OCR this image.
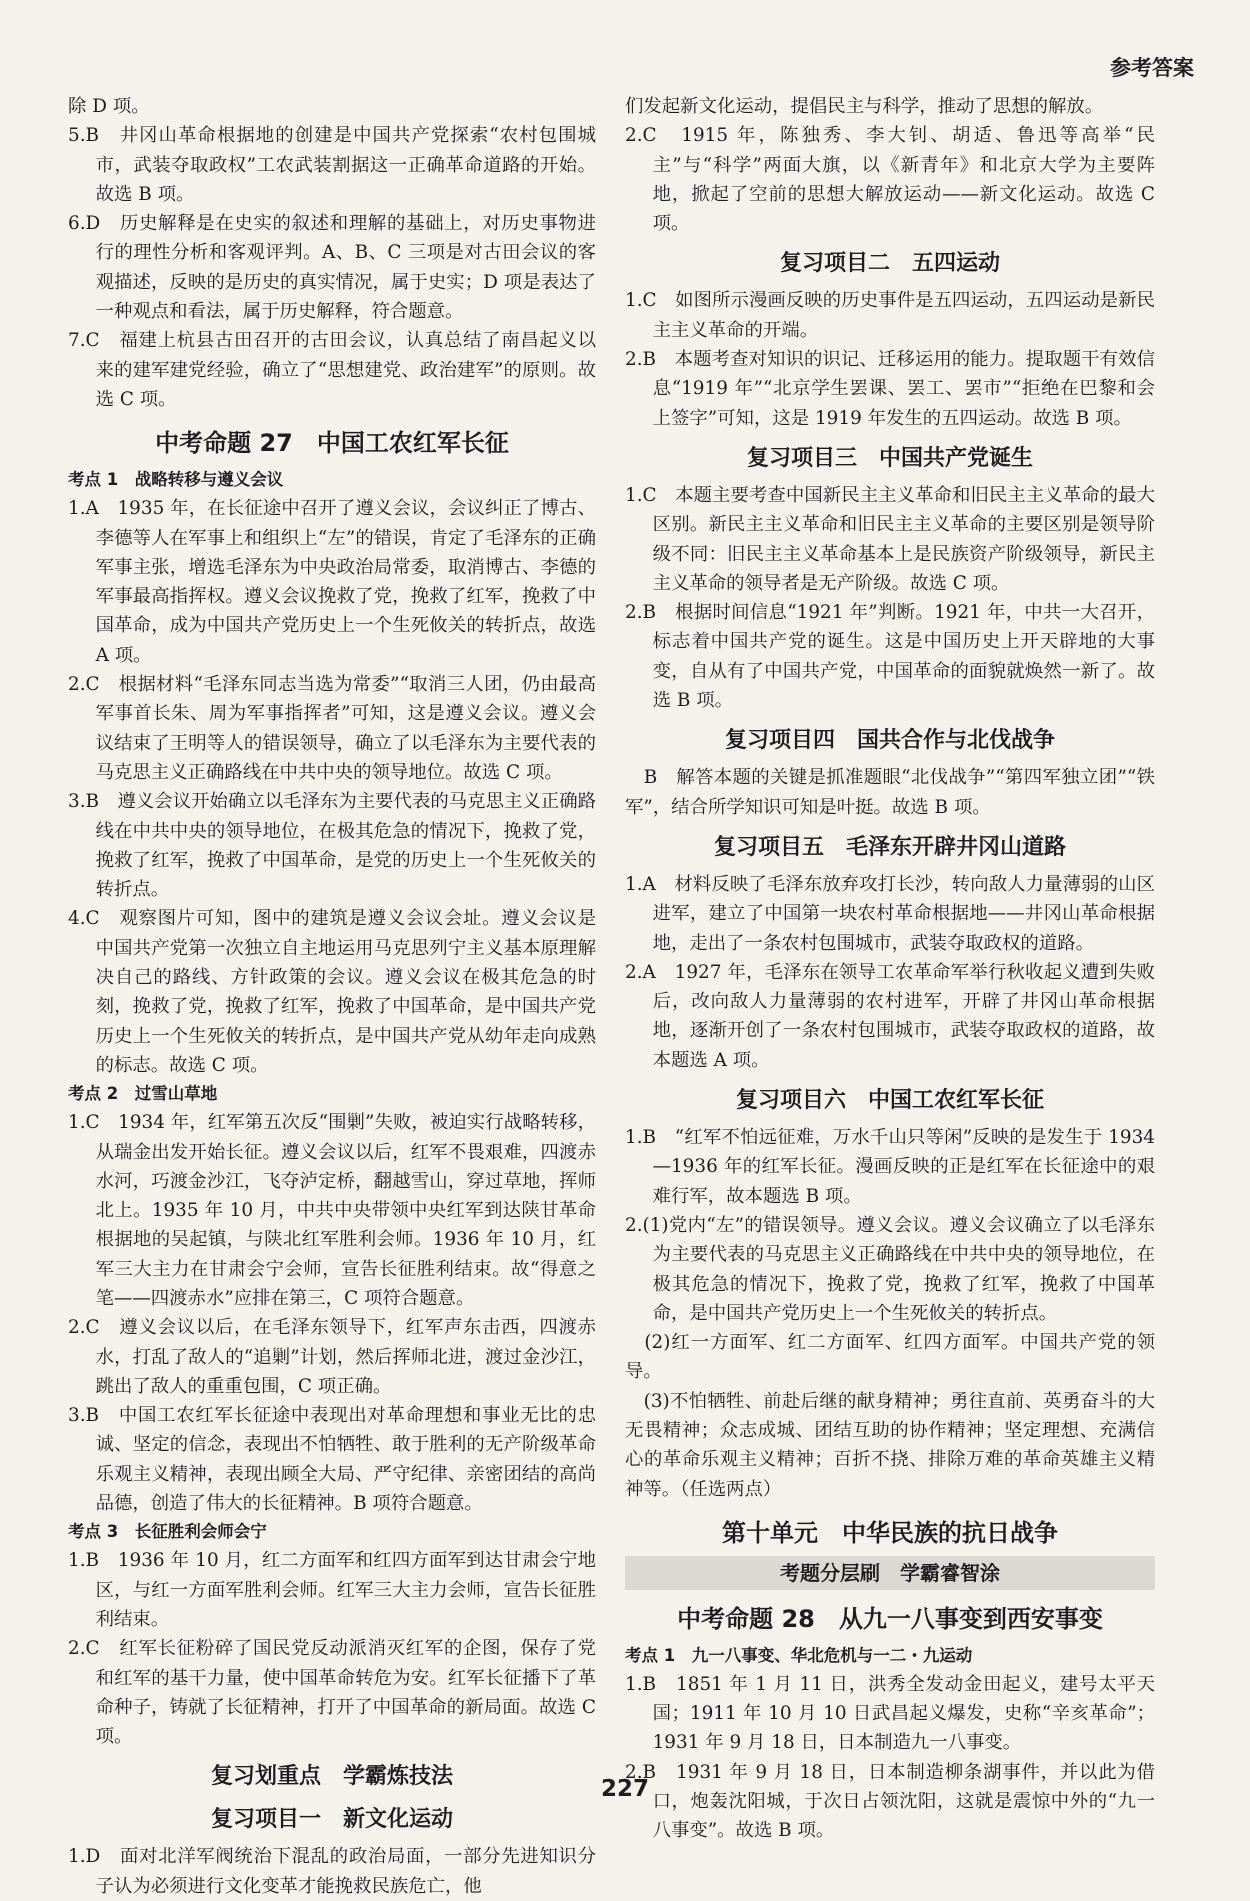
参考答案
除 D 项。
5.B　井冈山革命根据地的创建是中国共产党探索“农村包围城市，武装夺取政权”工农武装割据这一正确革命道路的开始。故选 B 项。
6.D　历史解释是在史实的叙述和理解的基础上，对历史事物进行的理性分析和客观评判。A、B、C 三项是对古田会议的客观描述，反映的是历史的真实情况，属于史实；D 项是表达了一种观点和看法，属于历史解释，符合题意。
7.C　福建上杭县古田召开的古田会议，认真总结了南昌起义以来的建军建党经验，确立了“思想建党、政治建军”的原则。故选 C 项。
中考命题 27　中国工农红军长征
考点 1　战略转移与遵义会议
1.A　1935 年，在长征途中召开了遵义会议，会议纠正了博古、李德等人在军事上和组织上“左”的错误，肯定了毛泽东的正确军事主张，增选毛泽东为中央政治局常委，取消博古、李德的军事最高指挥权。遵义会议挽救了党，挽救了红军，挽救了中国革命，成为中国共产党历史上一个生死攸关的转折点，故选 A 项。
2.C　根据材料“毛泽东同志当选为常委”“取消三人团，仍由最高军事首长朱、周为军事指挥者”可知，这是遵义会议。遵义会议结束了王明等人的错误领导，确立了以毛泽东为主要代表的马克思主义正确路线在中共中央的领导地位。故选 C 项。
3.B　遵义会议开始确立以毛泽东为主要代表的马克思主义正确路线在中共中央的领导地位，在极其危急的情况下，挽救了党，挽救了红军，挽救了中国革命，是党的历史上一个生死攸关的转折点。
4.C　观察图片可知，图中的建筑是遵义会议会址。遵义会议是中国共产党第一次独立自主地运用马克思列宁主义基本原理解决自己的路线、方针政策的会议。遵义会议在极其危急的时刻，挽救了党，挽救了红军，挽救了中国革命，是中国共产党历史上一个生死攸关的转折点，是中国共产党从幼年走向成熟的标志。故选 C 项。
考点 2　过雪山草地
1.C　1934 年，红军第五次反“围剿”失败，被迫实行战略转移，从瑞金出发开始长征。遵义会议以后，红军不畏艰难，四渡赤水河，巧渡金沙江，飞夺泸定桥，翻越雪山，穿过草地，挥师北上。1935 年 10 月，中共中央带领中央红军到达陕甘革命根据地的吴起镇，与陕北红军胜利会师。1936 年 10 月，红军三大主力在甘肃会宁会师，宣告长征胜利结束。故“得意之笔——四渡赤水”应排在第三，C 项符合题意。
2.C　遵义会议以后，在毛泽东领导下，红军声东击西，四渡赤水，打乱了敌人的“追剿”计划，然后挥师北进，渡过金沙江，跳出了敌人的重重包围，C 项正确。
3.B　中国工农红军长征途中表现出对革命理想和事业无比的忠诚、坚定的信念，表现出不怕牺牲、敢于胜利的无产阶级革命乐观主义精神，表现出顾全大局、严守纪律、亲密团结的高尚品德，创造了伟大的长征精神。B 项符合题意。
考点 3　长征胜利会师会宁
1.B　1936 年 10 月，红二方面军和红四方面军到达甘肃会宁地区，与红一方面军胜利会师。红军三大主力会师，宣告长征胜利结束。
2.C　红军长征粉碎了国民党反动派消灭红军的企图，保存了党和红军的基干力量，使中国革命转危为安。红军长征播下了革命种子，铸就了长征精神，打开了中国革命的新局面。故选 C 项。
复习划重点　学霸炼技法
复习项目一　新文化运动
1.D　面对北洋军阀统治下混乱的政治局面，一部分先进知识分子认为必须进行文化变革才能挽救民族危亡，他
们发起新文化运动，提倡民主与科学，推动了思想的解放。
2.C　1915 年，陈独秀、李大钊、胡适、鲁迅等高举“民主”与“科学”两面大旗，以《新青年》和北京大学为主要阵地，掀起了空前的思想大解放运动——新文化运动。故选 C 项。
复习项目二　五四运动
1.C　如图所示漫画反映的历史事件是五四运动，五四运动是新民主主义革命的开端。
2.B　本题考查对知识的识记、迁移运用的能力。提取题干有效信息“1919 年”“北京学生罢课、罢工、罢市”“拒绝在巴黎和会上签字”可知，这是 1919 年发生的五四运动。故选 B 项。
复习项目三　中国共产党诞生
1.C　本题主要考查中国新民主主义革命和旧民主主义革命的最大区别。新民主主义革命和旧民主主义革命的主要区别是领导阶级不同：旧民主主义革命基本上是民族资产阶级领导，新民主主义革命的领导者是无产阶级。故选 C 项。
2.B　根据时间信息“1921 年”判断。1921 年，中共一大召开，标志着中国共产党的诞生。这是中国历史上开天辟地的大事变，自从有了中国共产党，中国革命的面貌就焕然一新了。故选 B 项。
复习项目四　国共合作与北伐战争
　B　解答本题的关键是抓准题眼“北伐战争”“第四军独立团”“铁军”，结合所学知识可知是叶挺。故选 B 项。
复习项目五　毛泽东开辟井冈山道路
1.A　材料反映了毛泽东放弃攻打长沙，转向敌人力量薄弱的山区进军，建立了中国第一块农村革命根据地——井冈山革命根据地，走出了一条农村包围城市，武装夺取政权的道路。
2.A　1927 年，毛泽东在领导工农革命军举行秋收起义遭到失败后，改向敌人力量薄弱的农村进军，开辟了井冈山革命根据地，逐渐开创了一条农村包围城市，武装夺取政权的道路，故本题选 A 项。
复习项目六　中国工农红军长征
1.B　“红军不怕远征难，万水千山只等闲”反映的是发生于 1934—1936 年的红军长征。漫画反映的正是红军在长征途中的艰难行军，故本题选 B 项。
2.(1)党内“左”的错误领导。遵义会议。遵义会议确立了以毛泽东为主要代表的马克思主义正确路线在中共中央的领导地位，在极其危急的情况下，挽救了党，挽救了红军，挽救了中国革命，是中国共产党历史上一个生死攸关的转折点。
　(2)红一方面军、红二方面军、红四方面军。中国共产党的领导。
　(3)不怕牺牲、前赴后继的献身精神；勇往直前、英勇奋斗的大无畏精神；众志成城、团结互助的协作精神；坚定理想、充满信心的革命乐观主义精神；百折不挠、排除万难的革命英雄主义精神等。（任选两点）
第十单元　中华民族的抗日战争
考题分层刷　学霸睿智涂
中考命题 28　从九一八事变到西安事变
考点 1　九一八事变、华北危机与一二・九运动
1.B　1851 年 1 月 11 日，洪秀全发动金田起义，建号太平天国；1911 年 10 月 10 日武昌起义爆发，史称“辛亥革命”；1931 年 9 月 18 日，日本制造九一八事变。
2.B　1931 年 9 月 18 日，日本制造柳条湖事件，并以此为借口，炮轰沈阳城，于次日占领沈阳，这就是震惊中外的“九一八事变”。故选 B 项。
227
